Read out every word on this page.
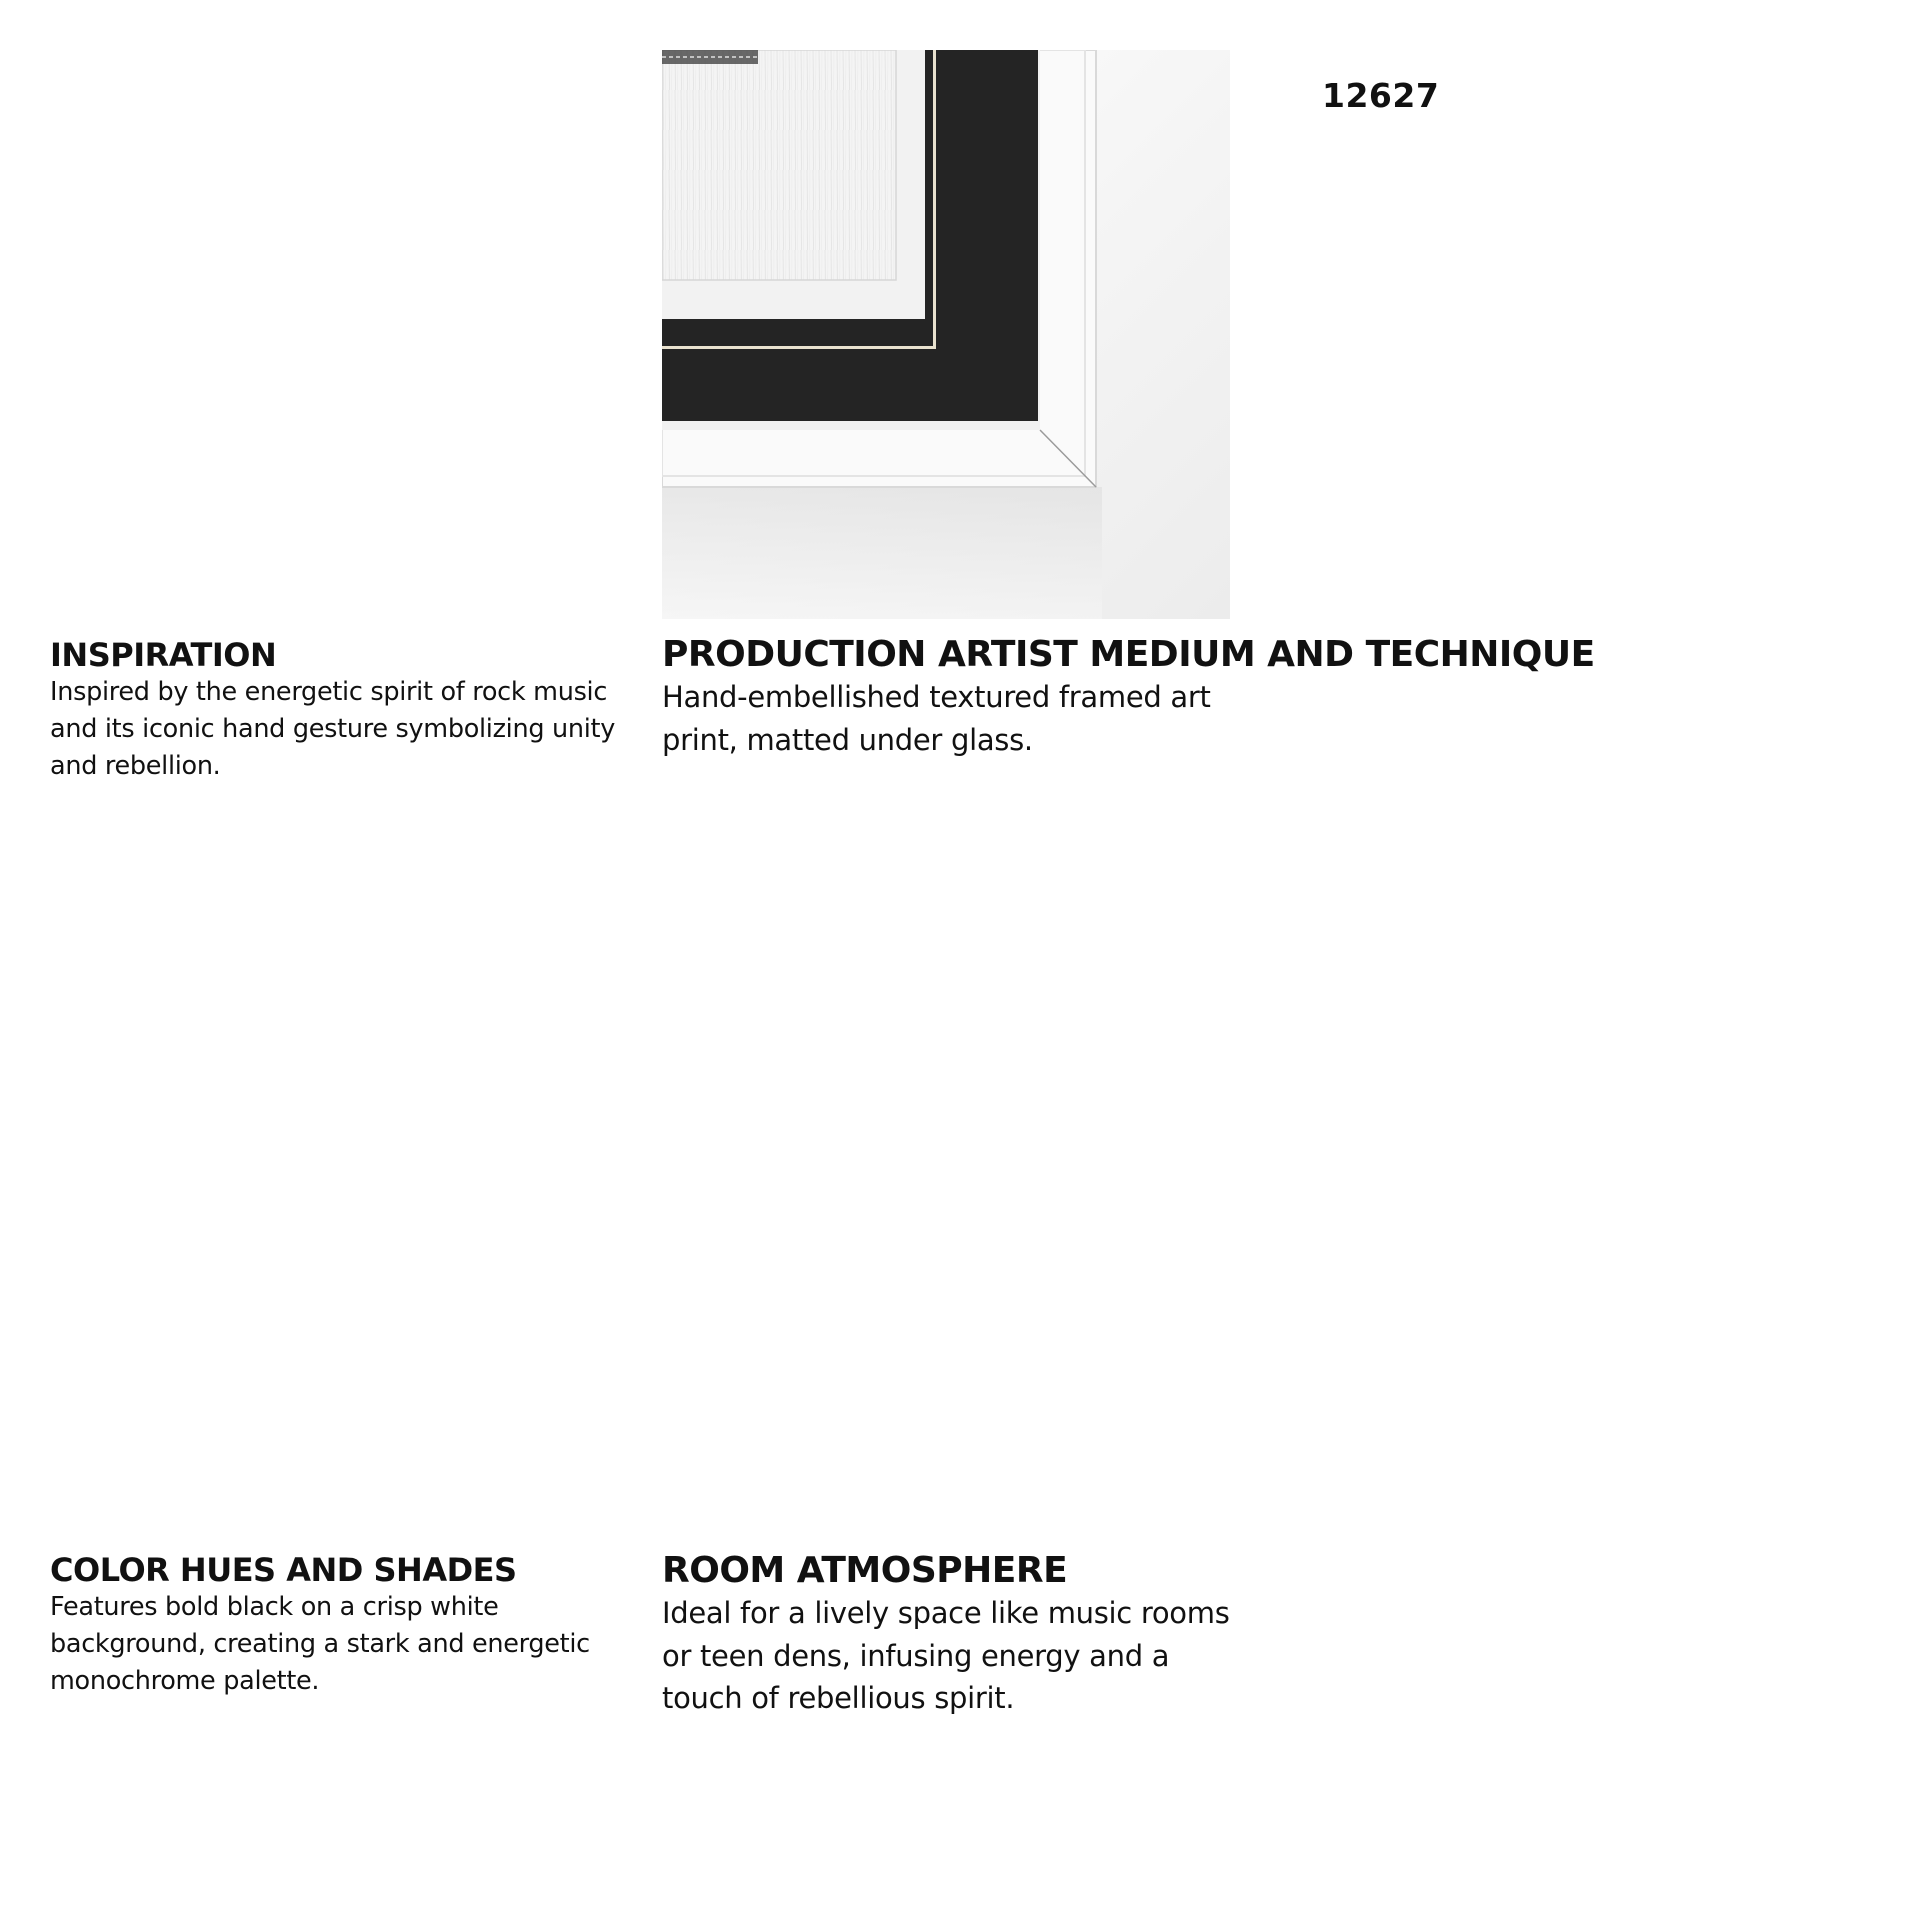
12627
INSPIRATION

Inspired by the energetic spirit of rock music and its iconic hand gesture symbolizing unity and rebellion.

PRODUCTION ARTIST MEDIUM AND TECHNIQUE

Hand-embellished textured framed art print, matted under glass.

COLOR HUES AND SHADES

Features bold black on a crisp white background, creating a stark and energetic monochrome palette.

ROOM ATMOSPHERE

Ideal for a lively space like music rooms or teen dens, infusing energy and a touch of rebellious spirit.
